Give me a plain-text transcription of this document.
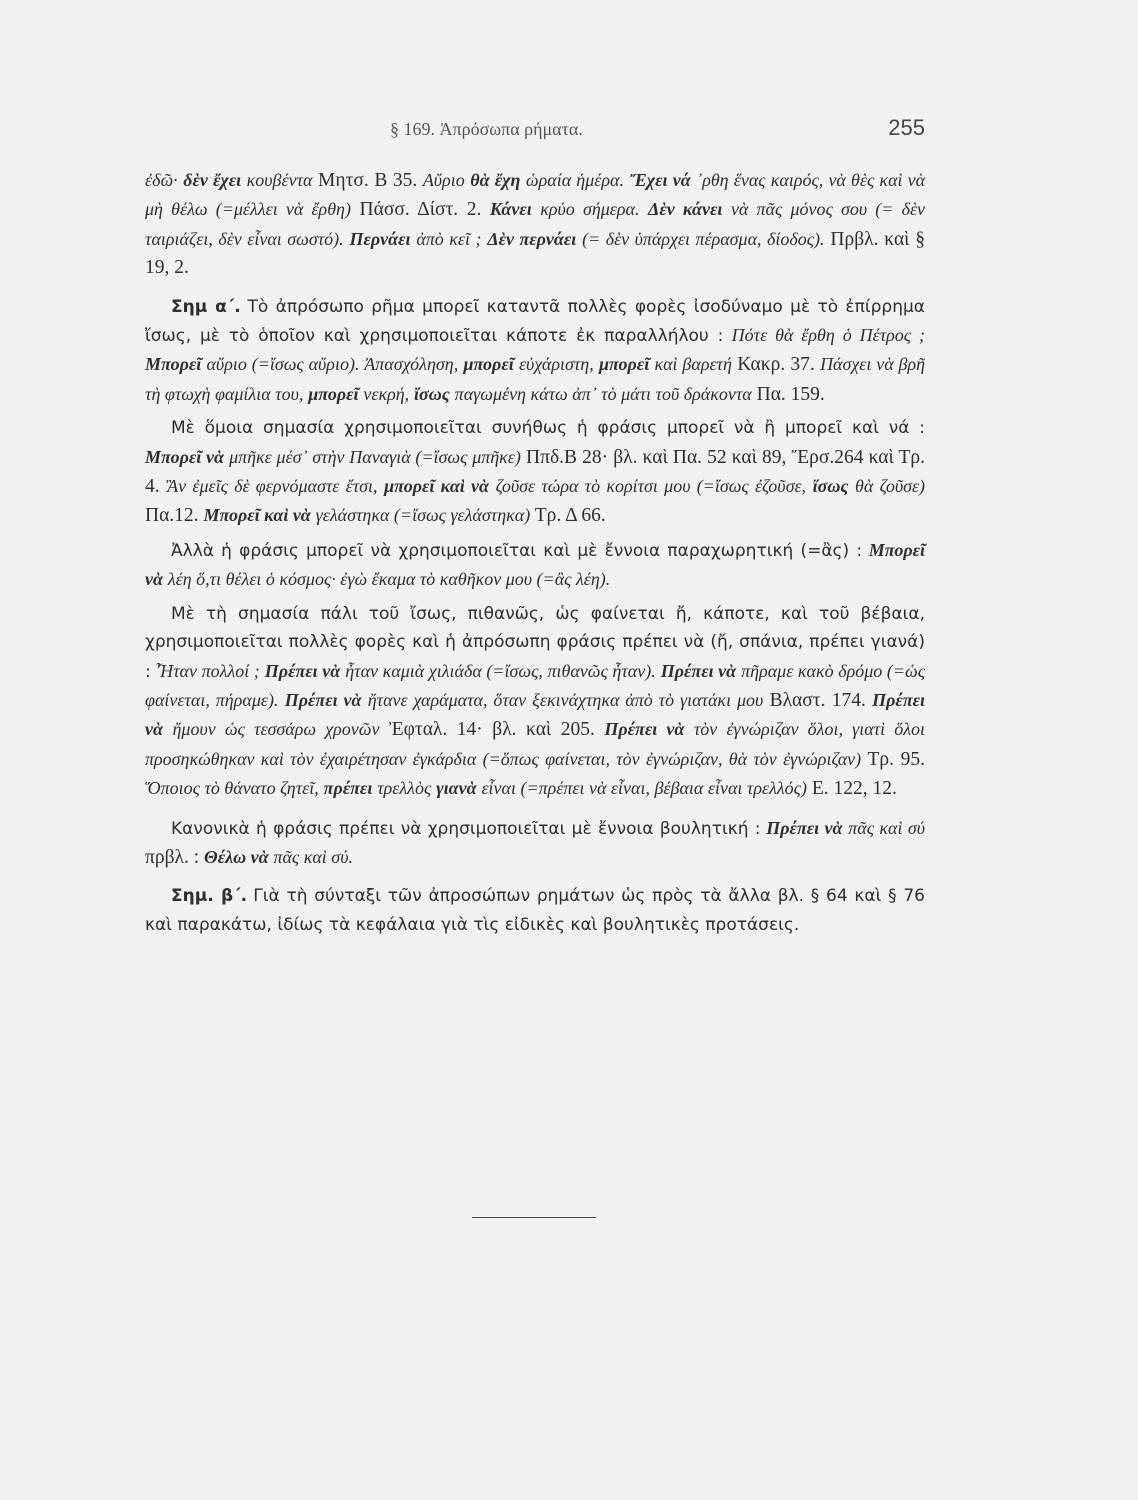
§ 169. Ἀπρόσωπα ρήματα.	255

ἐδῶ· δὲν ἔχει κουβέντα Μητσ. Β 35. Αὔριο θὰ ἔχη ὡραία ἡμέρα. Ἔχει νά ᾽ρθη ἕνας καιρός, νὰ θὲς καὶ νὰ μὴ θέλω (=μέλλει νὰ ἔρθη) Πάσσ. Δίστ. 2. Κάνει κρύο σήμερα. Δὲν κάνει νὰ πᾶς μόνος σου (= δὲν ταιριάζει, δὲν εἶναι σωστό). Περνάει ἀπὸ κεῖ ; Δὲν περνάει (= δὲν ὑπάρχει πέρασμα, δίοδος). Πρβλ. καὶ § 19, 2.

Σημ α΄. Τὸ ἀπρόσωπο ρῆμα μπορεῖ καταντᾶ πολλὲς φορὲς ἰσοδύναμο μὲ τὸ ἐπίρρημα ἴσως, μὲ τὸ ὁποῖον καὶ χρησιμοποιεῖται κάποτε ἐκ παραλλήλου : Πότε θὰ ἔρθη ὁ Πέτρος ; Μπορεῖ αὔριο (=ἴσως αὔριο). Ἀπασχόληση, μπορεῖ εὐχάριστη, μπορεῖ καὶ βαρετή Κακρ. 37. Πάσχει νὰ βρῆ τὴ φτωχὴ φαμίλια του, μπορεῖ νεκρή, ἴσως παγωμένη κάτω ἀπ᾽ τὸ μάτι τοῦ δράκοντα Πα. 159.

Μὲ ὅμοια σημασία χρησιμοποιεῖται συνήθως ἡ φράσις μπορεῖ νὰ ἢ μπορεῖ καὶ νά : Μπορεῖ νὰ μπῆκε μέσ᾽ στὴν Παναγιὰ (=ἴσως μπῆκε) Ππδ.Β 28· βλ. καὶ Πα. 52 καὶ 89, Ἔρσ.264 καὶ Τρ. 4. Ἂν ἐμεῖς δὲ φερνόμαστε ἔτσι, μπορεῖ καὶ νὰ ζοῦσε τώρα τὸ κορίτσι μου (=ἴσως ἐζοῦσε, ἴσως θὰ ζοῦσε) Πα.12. Μπορεῖ καὶ νὰ γελάστηκα (=ἴσως γελάστηκα) Τρ. Δ 66.

Ἀλλὰ ἡ φράσις μπορεῖ νὰ χρησιμοποιεῖται καὶ μὲ ἔννοια παραχωρητική (=ἂς) : Μπορεῖ νὰ λέη ὅ,τι θέλει ὁ κόσμος· ἐγὼ ἔκαμα τὸ καθῆκον μου (=ἂς λέη).

Μὲ τὴ σημασία πάλι τοῦ ἴσως, πιθανῶς, ὡς φαίνεται ἤ, κάποτε, καὶ τοῦ βέβαια, χρησιμοποιεῖται πολλὲς φορὲς καὶ ἡ ἀπρόσωπη φράσις πρέπει νὰ (ἤ, σπάνια, πρέπει γιανά) : Ἦταν πολλοί ; Πρέπει νὰ ἦταν καμιὰ χιλιάδα (=ἴσως, πιθανῶς ἦταν). Πρέπει νὰ πῆραμε κακὸ δρόμο (=ὡς φαίνεται, πήραμε). Πρέπει νὰ ἤτανε χαράματα, ὅταν ξεκινάχτηκα ἀπὸ τὸ γιατάκι μου Βλαστ. 174. Πρέπει νὰ ἤμουν ὡς τεσσάρω χρονῶν Ἐφταλ. 14· βλ. καὶ 205. Πρέπει νὰ τὸν ἐγνώριζαν ὅλοι, γιατὶ ὅλοι προσηκώθηκαν καὶ τὸν ἐχαιρέτησαν ἐγκάρδια (=ὅπως φαίνεται, τὸν ἐγνώριζαν, θὰ τὸν ἐγνώριζαν) Τρ. 95. Ὅποιος τὸ θάνατο ζητεῖ, πρέπει τρελλὸς γιανὰ εἶναι (=πρέπει νὰ εἶναι, βέβαια εἶναι τρελλός) Ε. 122, 12.

Κανονικὰ ἡ φράσις πρέπει νὰ χρησιμοποιεῖται μὲ ἔννοια βουλητική : Πρέπει νὰ πᾶς καὶ σύ πρβλ. : Θέλω νὰ πᾶς καὶ σύ.

Σημ. β΄. Γιὰ τὴ σύνταξι τῶν ἀπροσώπων ρημάτων ὡς πρὸς τὰ ἄλλα βλ. § 64 καὶ § 76 καὶ παρακάτω, ἰδίως τὰ κεφάλαια γιὰ τὶς εἰδικὲς καὶ βουλητικὲς προτάσεις.
